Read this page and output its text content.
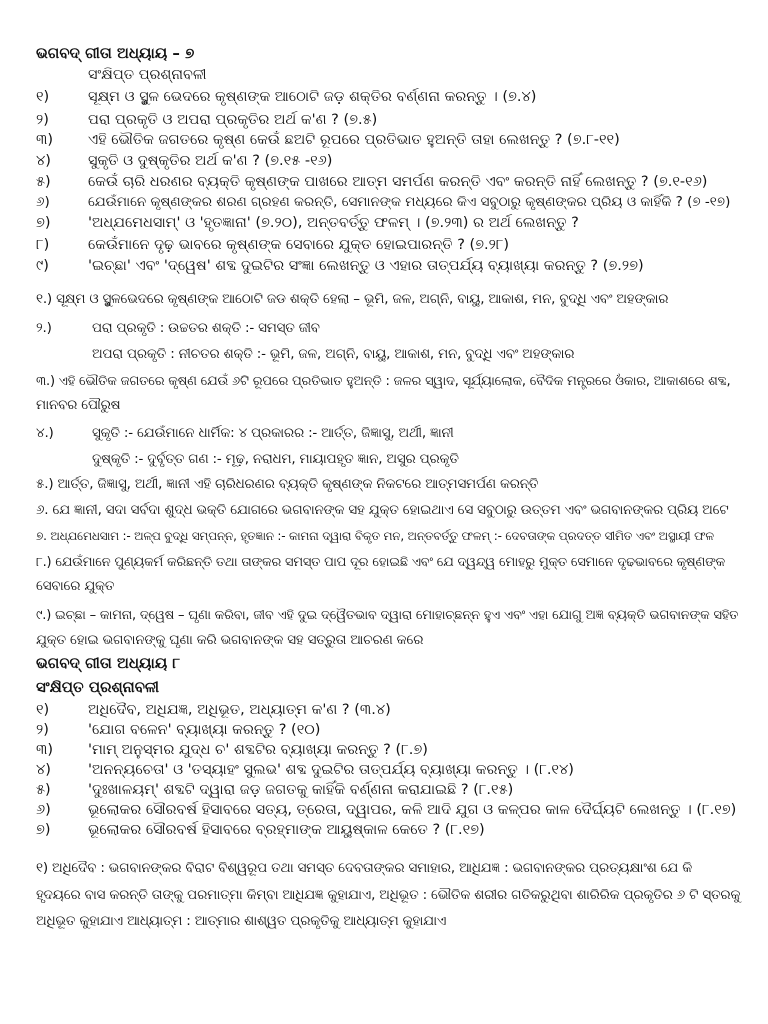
ଭଗବଦ୍ ଗୀତା ଅଧ୍ୟାୟ – ୭
ସଂକ୍ଷିପ୍ତ ପ୍ରଶ୍ନାବଳୀ
୧)	ସୂକ୍ଷ୍ମ ଓ ସ୍ଥୁଳ ଭେଦରେ କୃଷ୍ଣଙ୍କ ଆଠୋଟି ଜଡ଼ ଶକ୍ତିର ବର୍ଣ୍ଣନା କରନ୍ତୁ । (୭.୪)
୨)	ପରା ପ୍ରକୃତି ଓ ଅପରା ପ୍ରକୃତିର ଅର୍ଥ କ'ଣ ? (୭.୫)
୩) ଏହି ଭୌତିକ ଜଗତରେ କୃଷ୍ଣ କେଉଁ ଛଅଟି ରୂପରେ ପ୍ରତିଭାତ ହୁଅନ୍ତି ତାହା ଲେଖନ୍ତୁ ? (୭.୮-୧୧)
୪)	ସୁକୃତି ଓ ଦୁଷ୍କୃତିର ଅର୍ଥ କ'ଣ ? (୭.୧୫ -୧୬)
୫)	କେଉଁ ଚାରି ଧରଣର ବ୍ୟକ୍ତି କୃଷ୍ଣଙ୍କ ପାଖରେ ଆତ୍ମ ସମର୍ପଣ କରନ୍ତି ଏବଂ କରନ୍ତି ନାହିଁ ଲେଖନ୍ତୁ ? (୭.୧-୧୬)
୬)	ଯେଉଁମାନେ କୃଷ୍ଣଙ୍କର ଶରଣ ଗ୍ରହଣ କରନ୍ତି, ସେମାନଙ୍କ ମଧ୍ୟରେ କିଏ ସବୁଠାରୁ କୃଷ୍ଣଙ୍କର ପ୍ରିୟ ଓ କାହିଁକି ? (୭ -୧୭)
୭)	'ଅଧ୍ଯମେଧସାମ୍' ଓ 'ହୃତଜ୍ଞାନା' (୭.୨୦), ଅନ୍ତବର୍ତ୍ତୁ ଫଳମ୍ । (୭.୨୩) ର ଅର୍ଥ ଲେଖନ୍ତୁ ?
୮)	କେଉଁମାନେ ଦୃଢ଼ ଭାବରେ କୃଷ୍ଣଙ୍କ ସେବାରେ ଯୁକ୍ତ ହୋଇପାରନ୍ତି ? (୭.୨୮)
୯)	'ଇଚ୍ଛା' ଏବଂ 'ଦ୍ୱେଷ' ଶବ୍ଦ ଦୁଇଟିର ସଂଜ୍ଞା ଲେଖନ୍ତୁ ଓ ଏହାର ତାତ୍ପର୍ଯ୍ୟ ବ୍ୟାଖ୍ୟା କରନ୍ତୁ ? (୭.୨୭)
୧.) ସୂକ୍ଷ୍ମ ଓ ସ୍ଥୁଳଭେଦରେ କୃଷ୍ଣଙ୍କ ଆଠୋଟି ଜଡ ଶକ୍ତି ହେଲା – ଭୂମି, ଜଳ, ଅଗ୍ନି, ବାୟୁ, ଆକାଶ, ମନ, ବୁଦ୍ଧି ଏବଂ ଅହଙ୍କାର
୨.)	ପରା ପ୍ରକୃତି : ଉଚ୍ଚତର ଶକ୍ତି :- ସମସ୍ତ ଜୀବ
ଅପରା ପ୍ରକୃତି : ନୀଚତର ଶକ୍ତି :- ଭୂମି, ଜଳ, ଅଗ୍ନି, ବାୟୁ, ଆକାଶ, ମନ, ବୁଦ୍ଧି ଏବଂ ଅହଙ୍କାର
୩.) ଏହି ଭୌତିକ ଜଗତରେ କୃଷ୍ଣ ଯେଉଁ ୬ଟି ରୂପରେ ପ୍ରତିଭାତ ହୁଅନ୍ତି : ଜଳର ସ୍ୱାଦ, ସୂର୍ଯ୍ୟାଲୋକ, ବୈଦିକ ମନ୍ତ୍ରରେ ଓଁକାର, ଆକାଶରେ ଶବ୍ଦ,
ମାନବର ପୌରୁଷ
୪.)	ସୁକୃତି :- ଯେଉଁମାନେ ଧାର୍ମିକ: ୪ ପ୍ରକାରର :- ଆର୍ତ୍ତ, ଜିଜ୍ଞାସୁ, ଅର୍ଥୀ, ଜ୍ଞାନୀ
ଦୁଷ୍କୃତି :- ଦୁର୍ବୃତ୍ତ ଗଣ :- ମୂଢ଼, ନରାଧମ, ମାୟାପହୃତ ଜ୍ଞାନ, ଅସୁର ପ୍ରକୃତି
୫.) ଆର୍ତ୍ତ, ଜିଜ୍ଞାସୁ, ଅର୍ଥୀ, ଜ୍ଞାନୀ ଏହି ଚାରିଧରଣର ବ୍ୟକ୍ତି କୃଷ୍ଣଙ୍କ ନିକଟରେ ଆତ୍ମସମର୍ପଣ କରନ୍ତି
୬. ଯେ ଜ୍ଞାନୀ, ସଦା ସର୍ବଦା ଶୁଦ୍ଧ ଭକ୍ତି ଯୋଗରେ ଭଗବାନଙ୍କ ସହ ଯୁକ୍ତ ହୋଇଥାଏ ସେ ସବୁଠାରୁ ଉତ୍ତମ ଏବଂ ଭଗବାନଙ୍କର ପ୍ରିୟ ଅଟେ
୭. ଅଧ୍ଯମେଧସାମ :- ଅଳ୍ପ ବୁଦ୍ଧି ସମ୍ପନ୍ନ, ହୃତଜ୍ଞାନ :- କାମନା ଦ୍ୱାରା ବିକୃତ ମନ, ଅନ୍ତବର୍ତ୍ତୁ ଫଳମ୍ :- ଦେବତାଙ୍କ ପ୍ରଦତ୍ତ ସୀମିତ ଏବଂ ଅସ୍ଥାୟୀ ଫଳ
୮.) ଯେଉଁମାନେ ପୁଣ୍ୟକର୍ମ କରିଛନ୍ତି ତଥା ତାଙ୍କର ସମସ୍ତ ପାପ ଦୂର ହୋଇଛି ଏବଂ ଯେ ଦ୍ୱନ୍ଦ୍ୱ ମୋହରୁ ମୁକ୍ତ ସେମାନେ ଦୃଢଭାବରେ କୃଷ୍ଣଙ୍କ
ସେବାରେ ଯୁକ୍ତ
୯.) ଇଚ୍ଛା – କାମନା, ଦ୍ୱେଷ – ଘୃଣା କରିବା, ଜୀବ ଏହି ଦୁଇ ଦ୍ୱୈତଭାବ ଦ୍ୱାରା ମୋହାଚ୍ଛନ୍ନ ହୁଏ ଏବଂ ଏହା ଯୋଗୁ ଅଜ୍ଞ ବ୍ୟକ୍ତି ଭଗବାନଙ୍କ ସହିତ
ଯୁକ୍ତ ହୋଇ ଭଗବାନଙ୍କୁ ଘୃଣା କରି ଭଗବାନଙ୍କ ସହ ସତ୍ରୁତା ଆଚରଣ କରେ
ଭଗବଦ୍ ଗୀତା ଅଧ୍ୟାୟ ୮
ସଂକ୍ଷିପ୍ତ ପ୍ରଶ୍ନାବଳୀ
୧)	ଅଧିଦୈବ, ଅଧିଯଜ୍ଞ, ଅଧିଭୂତ, ଅଧ୍ୟାତ୍ମ କ'ଣ ? (୩.୪)
୨)	'ଯୋଗ ବଳେନ' ବ୍ୟାଖ୍ୟା କରନ୍ତୁ ? (୧୦)
୩) 'ମାମ୍ ଅନୁସ୍ମର ଯୁଦ୍ଧ ଚ' ଶବ୍ଦଟିର ବ୍ୟାଖ୍ୟା କରନ୍ତୁ ? (୮.୭)
୪)	'ଅନନ୍ୟଚେତା' ଓ 'ତସ୍ୟାହଂ ସୁଲଭ' ଶବ୍ଦ ଦୁଇଟିର ତାତ୍ପର୍ଯ୍ୟ ବ୍ୟାଖ୍ୟା କରନ୍ତୁ । (୮.୧୪)
୫)	'ଦୁଃଖାଳୟମ୍' ଶବ୍ଦଟି ଦ୍ୱାରା ଜଡ଼ ଜଗତକୁ କାହିଁକି ବର୍ଣ୍ଣନା କରାଯାଇଛି ? (୮.୧୫)
୬)	ଭୂଲୋକର ସୌରବର୍ଷ ହିସାବରେ ସତ୍ୟ, ତ୍ରେତା, ଦ୍ୱାପର, କଳି ଆଦି ଯୁଗ ଓ କଳ୍ପର କାଳ ଦୈର୍ଘ୍ୟଟି ଲେଖନ୍ତୁ । (୮.୧୭)
୭)	ଭୂଲୋକର ସୌରବର୍ଷ ହିସାବରେ ବ୍ରହ୍ମାଙ୍କ ଆୟୁଷ୍କାଳ କେତେ ? (୮.୧୭)
୧) ଅଧିଦୈବ : ଭଗବାନଙ୍କର ବିରାଟ ବିଶ୍ୱରୂପ ତଥା ସମସ୍ତ ଦେବତାଙ୍କର ସମାହାର, ଆଧିଯଜ୍ଞ : ଭଗବାନଙ୍କର ପ୍ରତ୍ୟକ୍ଷାଂଶ ଯେ କି
ହୃଦୟରେ ବାସ କରନ୍ତି ତାଙ୍କୁ ପରମାତ୍ମା କିମ୍ବା ଆଧିଯଜ୍ଞ କୁହାଯାଏ, ଅଧିଭୂତ : ଭୌତିକ ଶରୀର ଗତିକରୁଥିବା ଶାରିରିକ ପ୍ରକୃତିର ୬ ଟି ସ୍ତରକୁ
ଅଧିଭୂତ କୁହାଯାଏ ଆଧ୍ୟାତ୍ମ : ଆତ୍ମାର ଶାଶ୍ୱତ ପ୍ରକୃତିକୁ ଆଧ୍ୟାତ୍ମ କୁହାଯାଏ
